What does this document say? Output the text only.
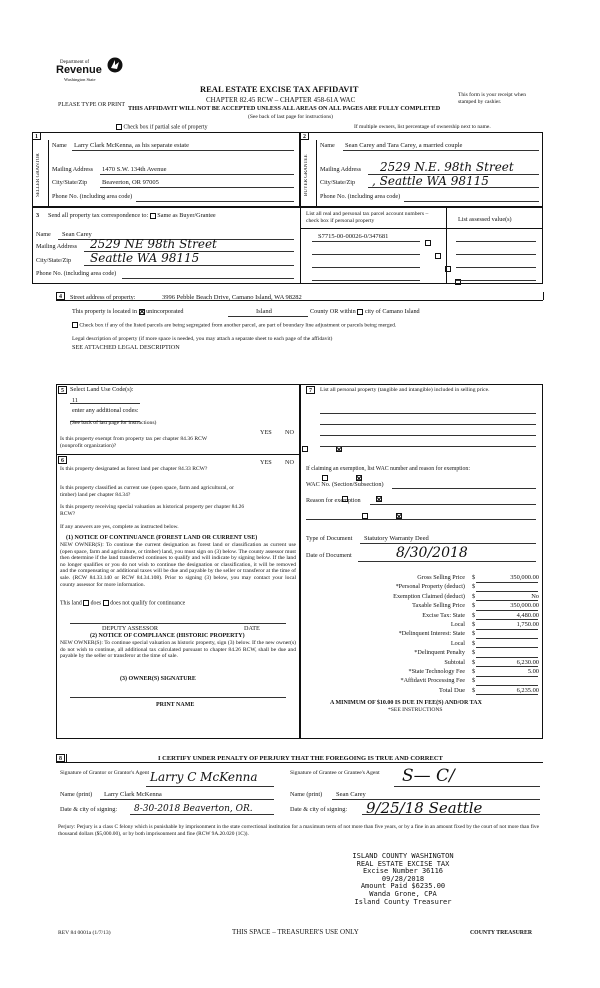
Department of
Revenue
Washington State
REAL ESTATE EXCISE TAX AFFIDAVIT
PLEASE TYPE OR PRINT
CHAPTER 82.45 RCW – CHAPTER 458-61A WAC
THIS AFFIDAVIT WILL NOT BE ACCEPTED UNLESS ALL AREAS ON ALL PAGES ARE FULLY COMPLETED
(See back of last page for instructions)
This form is your receipt when stamped by cashier.
Check box if partial sale of property	If multiple owners, list percentage of ownership next to name.
1
SELLER GRANTOR
Name Larry Clark McKenna, as his separate estate
Mailing Address 1470 S.W. 134th Avenue
City/State/Zip Beaverton, OR 97005
Phone No. (including area code)
2
BUYER GRANTEE
Name Sean Carey and Tara Carey, a married couple
Mailing Address 2529 N.E. 98th Street
City/State/Zip , Seattle WA 98115
Phone No. (including area code)
3 Send all property tax correspondence to: Same as Buyer/Grantee
Name Sean Carey
Mailing Address 2529 NE 98th Street
City/State/Zip Seattle WA 98115
Phone No. (including area code)
List all real and personal tax parcel account numbers – check box if personal property	List assessed value(s)
S7715-00-00026-0/347681

4	Street address of property:	3996 Pebble Beach Drive, Camano Island, WA 98282
This property is located in unincorporated	Island	County OR within city of Camano Island
Check box if any of the listed parcels are being segregated from another parcel, are part of boundary line adjustment or parcels being merged.
Legal description of property (if more space is needed, you may attach a separate sheet to each page of the affidavit)
SEE ATTACHED LEGAL DESCRIPTION
5 Select Land Use Code(s):
11
enter any additional codes:
(See back of last page for instructions)
YES NO
Is this property exempt from property tax per chapter 84.36 RCW (nonprofit organization)?

6	YES NO
Is this property designated as forest land per chapter 84.33 RCW?

Is this property classified as current use (open space, farm and agricultural, or timber) land per chapter 84.34?

Is this property receiving special valuation as historical property per chapter 84.26 RCW?

If any answers are yes, complete as instructed below.
(1) NOTICE OF CONTINUANCE (FOREST LAND OR CURRENT USE)
NEW OWNER(S): To continue the current designation as forest land or classification as current use (open space, farm and agriculture, or timber) land, you must sign on (3) below. The county assessor must then determine if the land transferred continues to qualify and will indicate by signing below. If the land no longer qualifies or you do not wish to continue the designation or classification, it will be removed and the compensating or additional taxes will be due and payable by the seller or transferor at the time of sale. (RCW 84.33.140 or RCW 84.34.108). Prior to signing (3) below, you may contact your local county assessor for more information.
This land does does not qualify for continuance
DEPUTY ASSESSOR	DATE
(2) NOTICE OF COMPLIANCE (HISTORIC PROPERTY)
NEW OWNER(S): To continue special valuation as historic property, sign (3) below. If the new owner(s) do not wish to continue, all additional tax calculated pursuant to chapter 84.26 RCW, shall be due and payable by the seller or transferor at the time of sale.
(3) OWNER(S) SIGNATURE
PRINT NAME
7	List all personal property (tangible and intangible) included in selling price.
If claiming an exemption, list WAC number and reason for exemption:
WAC No. (Section/Subsection)
Reason for exemption
Type of Document Statutory Warranty Deed
Date of Document	8/30/2018
Gross Selling Price $	350,000.00
*Personal Property (deduct) $
Exemption Claimed (deduct) $	No
Taxable Selling Price $	350,000.00
Excise Tax: State $	4,480.00
Local $	1,750.00
*Delinquent Interest: State $
Local $
*Delinquent Penalty $
Subtotal $	6,230.00
*State Technology Fee $	5.00
*Affidavit Processing Fee $
Total Due $	6,235.00
A MINIMUM OF $10.00 IS DUE IN FEE(S) AND/OR TAX
*SEE INSTRUCTIONS
8	I CERTIFY UNDER PENALTY OF PERJURY THAT THE FOREGOING IS TRUE AND CORRECT
Signature of Grantor or Grantor's Agent Larry C McKenna
Name (print) Larry Clark McKenna
Date & city of signing: 8-30-2018 Beaverton, OR.
Signature of Grantee or Grantee's Agent	S— C/
Name (print) Sean Carey
Date & city of signing: 9/25/18 Seattle
Perjury: Perjury is a class C felony which is punishable by imprisonment in the state correctional institution for a maximum term of not more than five years, or by a fine in an amount fixed by the court of not more than five thousand dollars ($5,000.00), or by both imprisonment and fine (RCW 9A.20.020 (1C)).
ISLAND COUNTY WASHINGTON
REAL ESTATE EXCISE TAX
Excise Number 36116
09/28/2018
Amount Paid $6235.00
Wanda Grone, CPA
Island County Treasurer
REV 84 0001a (1/7/13)	THIS SPACE – TREASURER'S USE ONLY	COUNTY TREASURER
